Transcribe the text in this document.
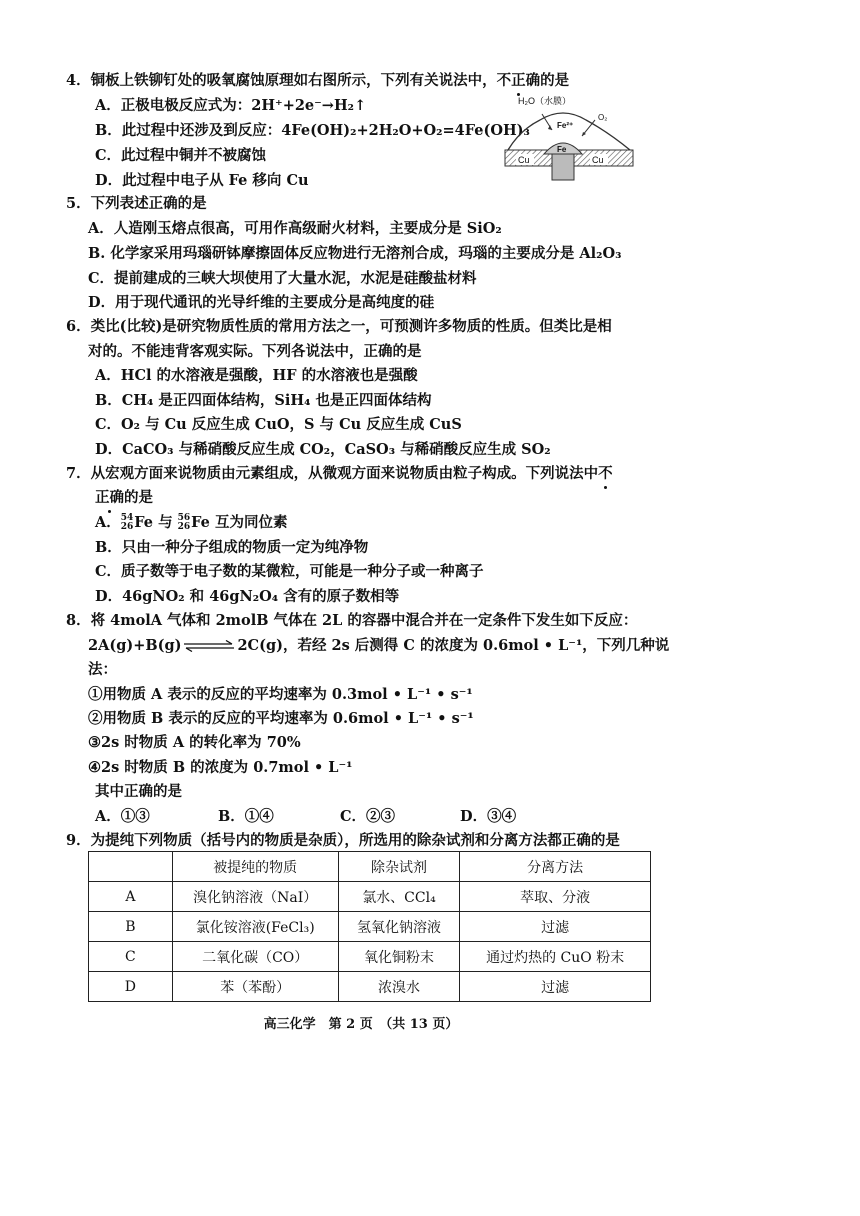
4．铜板上铁铆钉处的吸氧腐蚀原理如右图所示，下列有关说法中，不正确的是
A．正极电极反应式为：2H⁺+2e⁻→H₂↑
B．此过程中还涉及到反应：4Fe(OH)₂+2H₂O+O₂=4Fe(OH)₃
C．此过程中铜并不被腐蚀
D．此过程中电子从 Fe 移向 Cu
H₂O（水膜）
Fe²⁺
O₂
Fe
Cu	Cu
5．下列表述正确的是
A．人造刚玉熔点很高，可用作高级耐火材料，主要成分是 SiO₂
B. 化学家采用玛瑙研钵摩擦固体反应物进行无溶剂合成，玛瑙的主要成分是 Al₂O₃
C．提前建成的三峡大坝使用了大量水泥，水泥是硅酸盐材料
D．用于现代通讯的光导纤维的主要成分是高纯度的硅
6．类比(比较)是研究物质性质的常用方法之一，可预测许多物质的性质。但类比是相
对的。不能违背客观实际。下列各说法中，正确的是
A．HCl 的水溶液是强酸，HF 的水溶液也是强酸
B．CH₄ 是正四面体结构，SiH₄ 也是正四面体结构
C．O₂ 与 Cu 反应生成 CuO，S 与 Cu 反应生成 CuS
D．CaCO₃ 与稀硝酸反应生成 CO₂，CaSO₃ 与稀硝酸反应生成 SO₂
7．从宏观方面来说物质由元素组成，从微观方面来说物质由粒子构成。下列说法中不
正确的是
A． 54
26 Fe 与 56
26 Fe 互为同位素
B．只由一种分子组成的物质一定为纯净物
C．质子数等于电子数的某微粒，可能是一种分子或一种离子
D．46gNO₂ 和 46gN₂O₄ 含有的原子数相等
8．将 4molA 气体和 2molB 气体在 2L 的容器中混合并在一定条件下发生如下反应：
2A(g)+B(g) ⇌ 2C(g)，若经 2s 后测得 C 的浓度为 0.6mol • L⁻¹，下列几种说
法：
①用物质 A 表示的反应的平均速率为 0.3mol • L⁻¹ • s⁻¹
②用物质 B 表示的反应的平均速率为 0.6mol • L⁻¹ • s⁻¹
③2s 时物质 A 的转化率为 70%
④2s 时物质 B 的浓度为 0.7mol • L⁻¹
其中正确的是
A．①③	B．①④	C．②③	D．③④
9．为提纯下列物质（括号内的物质是杂质），所选用的除杂试剂和分离方法都正确的是
	被提纯的物质	除杂试剂	分离方法
A	溴化钠溶液（NaI）	氯水、CCl₄	萃取、分液
B	氯化铵溶液(FeCl₃)	氢氧化钠溶液	过滤
C	二氧化碳（CO）	氧化铜粉末	通过灼热的 CuO 粉末
D	苯（苯酚）	浓溴水	过滤
高三化学　第 2 页　（共 13 页）
